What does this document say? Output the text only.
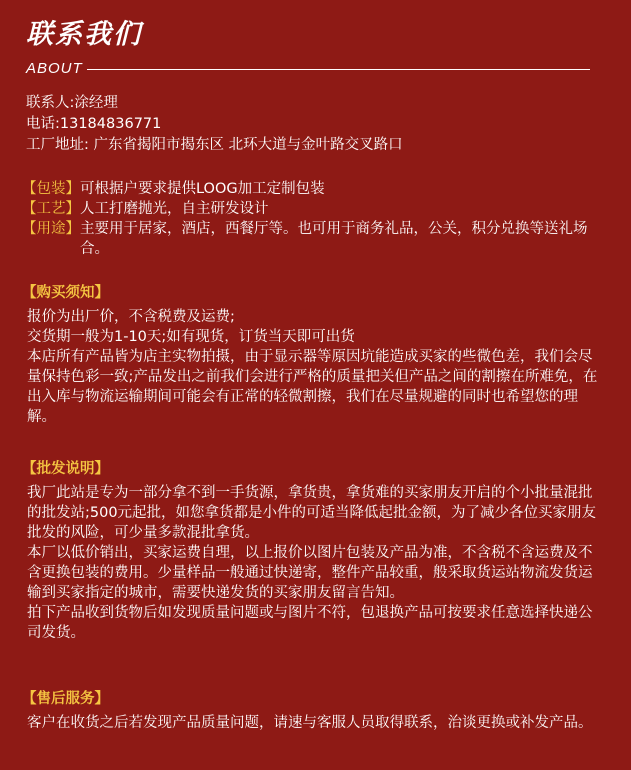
联系我们
ABOUT
联系人:涂经理
电话:13184836771
工厂地址: 广东省揭阳市揭东区 北环大道与金叶路交叉路口
【包装】 可根据户要求提供LOOG加工定制包装
【工艺】 人工打磨抛光，自主研发设计
【用途】 主要用于居家，酒店，西餐厅等。也可用于商务礼品，公关，积分兑换等送礼场合。
【购买须知】
报价为出厂价，不含税费及运费;
交货期一般为1-10天;如有现货，订货当天即可出货
本店所有产品皆为店主实物拍摄，由于显示器等原因坑能造成买家的些微色差，我们会尽量保持色彩一致;产品发出之前我们会进行严格的质量把关但产品之间的割擦在所难免，在出入库与物流运输期间可能会有正常的轻微割擦，我们在尽量规避的同时也希望您的理解。
【批发说明】
我厂此站是专为一部分拿不到一手货源，拿货贵，拿货难的买家朋友开启的个小批量混批的批发站;500元起批，如您拿货都是小件的可适当降低起批金额，为了减少各位买家朋友批发的风险，可少量多款混批拿货。
本厂以低价销出，买家运费自理，以上报价以图片包装及产品为准，不含税不含运费及不含更换包装的费用。少量样品一般通过快递寄，整件产品较重，般采取货运站物流发货运输到买家指定的城市，需要快递发货的买家朋友留言告知。
拍下产品收到货物后如发现质量问题或与图片不符，包退换产品可按要求任意选择快递公司发货。
【售后服务】
客户在收货之后若发现产品质量问题，请速与客服人员取得联系，治谈更换或补发产品。
